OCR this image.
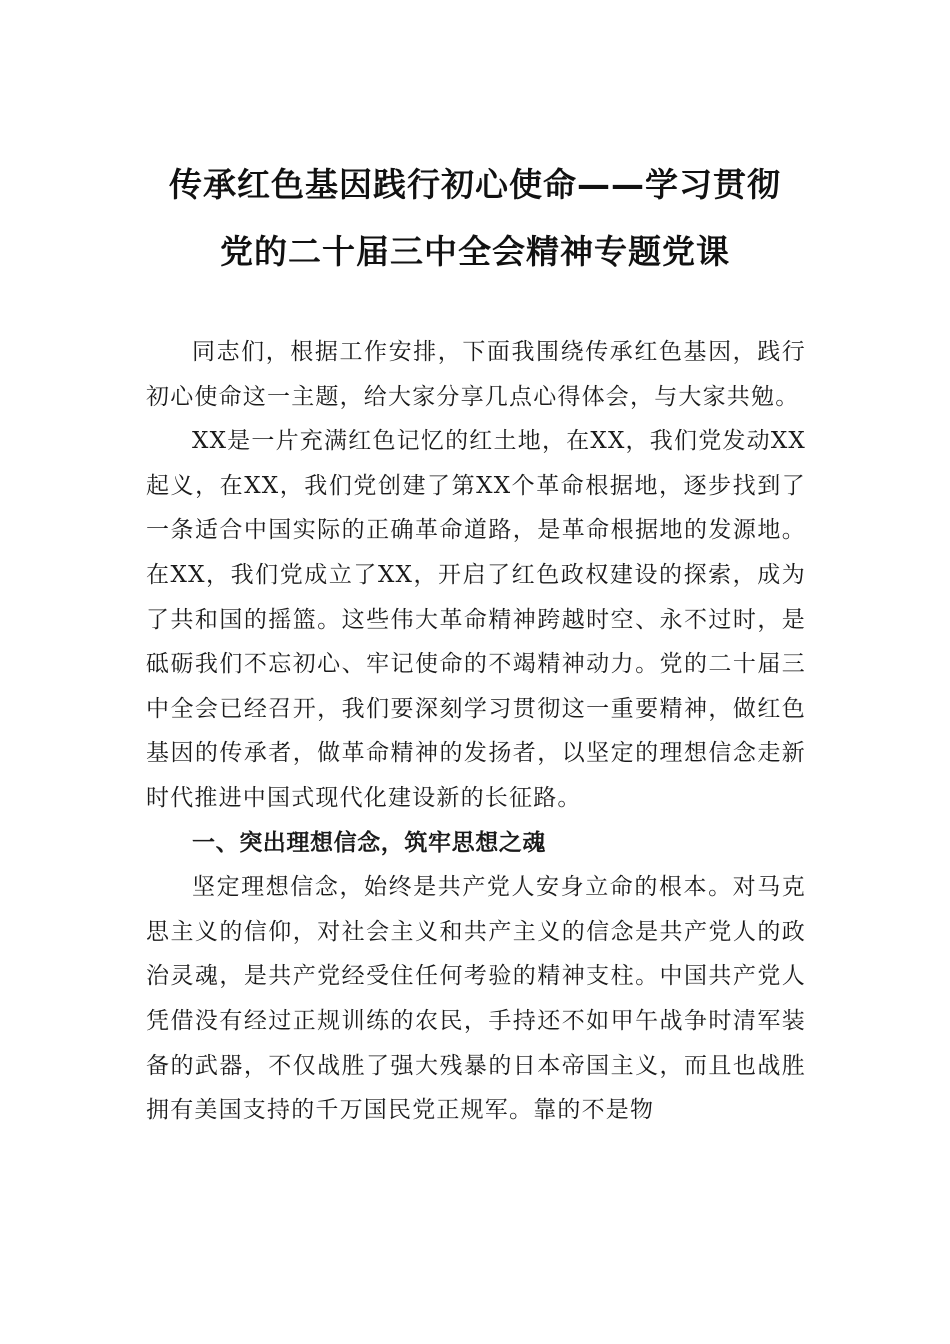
传承红色基因践行初心使命——学习贯彻
党的二十届三中全会精神专题党课

同志们，根据工作安排，下面我围绕传承红色基因，践行初心使命这一主题，给大家分享几点心得体会，与大家共勉。

XX是一片充满红色记忆的红土地，在XX，我们党发动XX起义，在XX，我们党创建了第XX个革命根据地，逐步找到了一条适合中国实际的正确革命道路，是革命根据地的发源地。在XX，我们党成立了XX，开启了红色政权建设的探索，成为了共和国的摇篮。这些伟大革命精神跨越时空、永不过时，是砥砺我们不忘初心、牢记使命的不竭精神动力。党的二十届三中全会已经召开，我们要深刻学习贯彻这一重要精神，做红色基因的传承者，做革命精神的发扬者，以坚定的理想信念走新时代推进中国式现代化建设新的长征路。

一、突出理想信念，筑牢思想之魂

坚定理想信念，始终是共产党人安身立命的根本。对马克思主义的信仰，对社会主义和共产主义的信念是共产党人的政治灵魂，是共产党经受住任何考验的精神支柱。中国共产党人凭借没有经过正规训练的农民，手持还不如甲午战争时清军装备的武器，不仅战胜了强大残暴的日本帝国主义，而且也战胜拥有美国支持的千万国民党正规军。靠的不是物
